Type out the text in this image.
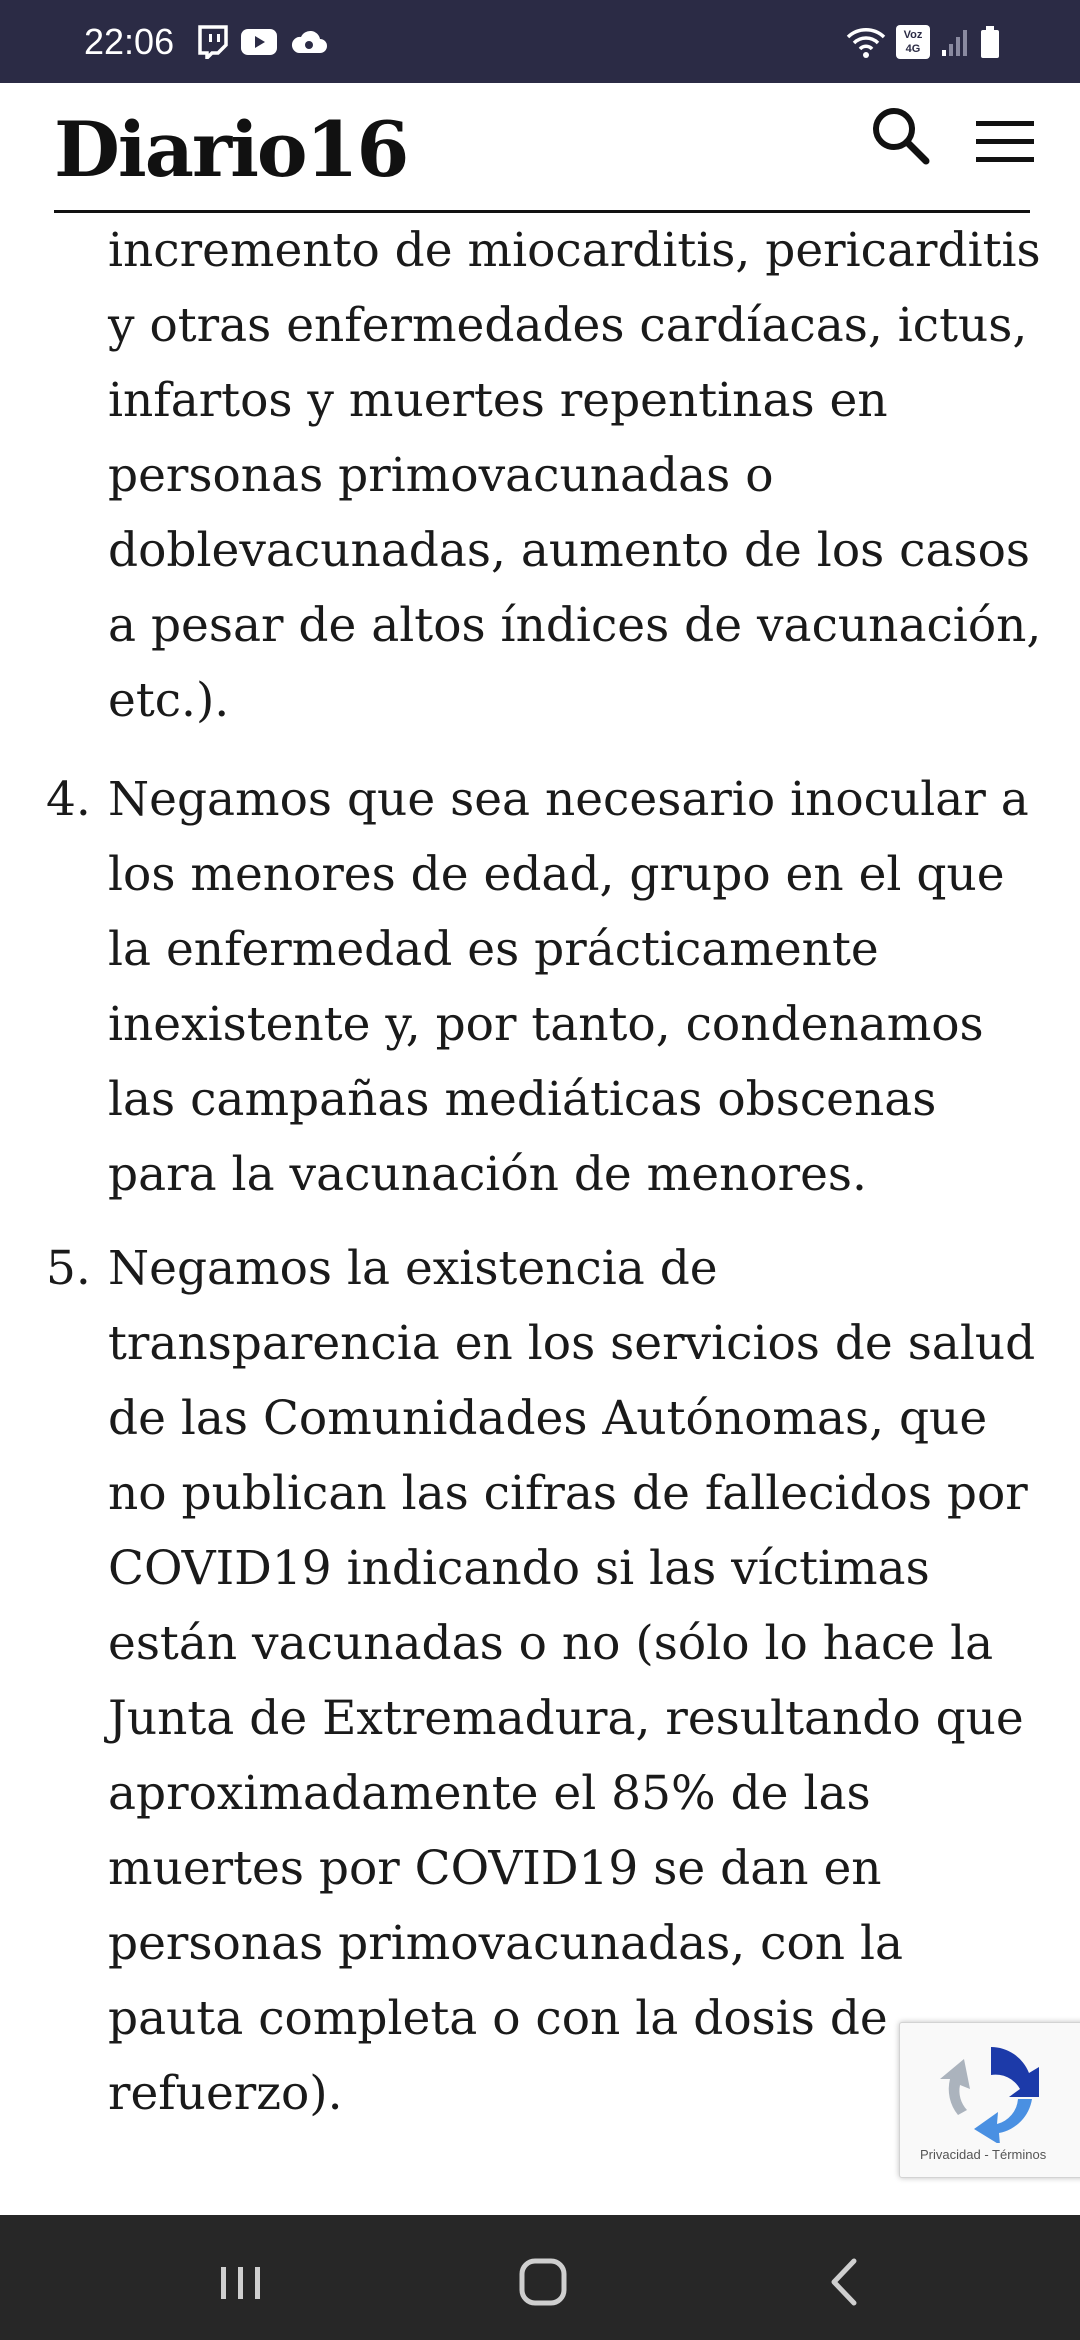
22:06	Voz
4G
Diario16

incremento de miocarditis, pericarditis y otras enfermedades cardíacas, ictus, infartos y muertes repentinas en personas primovacunadas o doblevacunadas, aumento de los casos a pesar de altos índices de vacunación, etc.).

4. Negamos que sea necesario inocular a los menores de edad, grupo en el que la enfermedad es prácticamente inexistente y, por tanto, condenamos las campañas mediáticas obscenas para la vacunación de menores.

5. Negamos la existencia de transparencia en los servicios de salud de las Comunidades Autónomas, que no publican las cifras de fallecidos por COVID19 indicando si las víctimas están vacunadas o no (sólo lo hace la Junta de Extremadura, resultando que aproximadamente el 85% de las muertes por COVID19 se dan en personas primovacunadas, con la pauta completa o con la dosis de refuerzo).

Privacidad - Términos
